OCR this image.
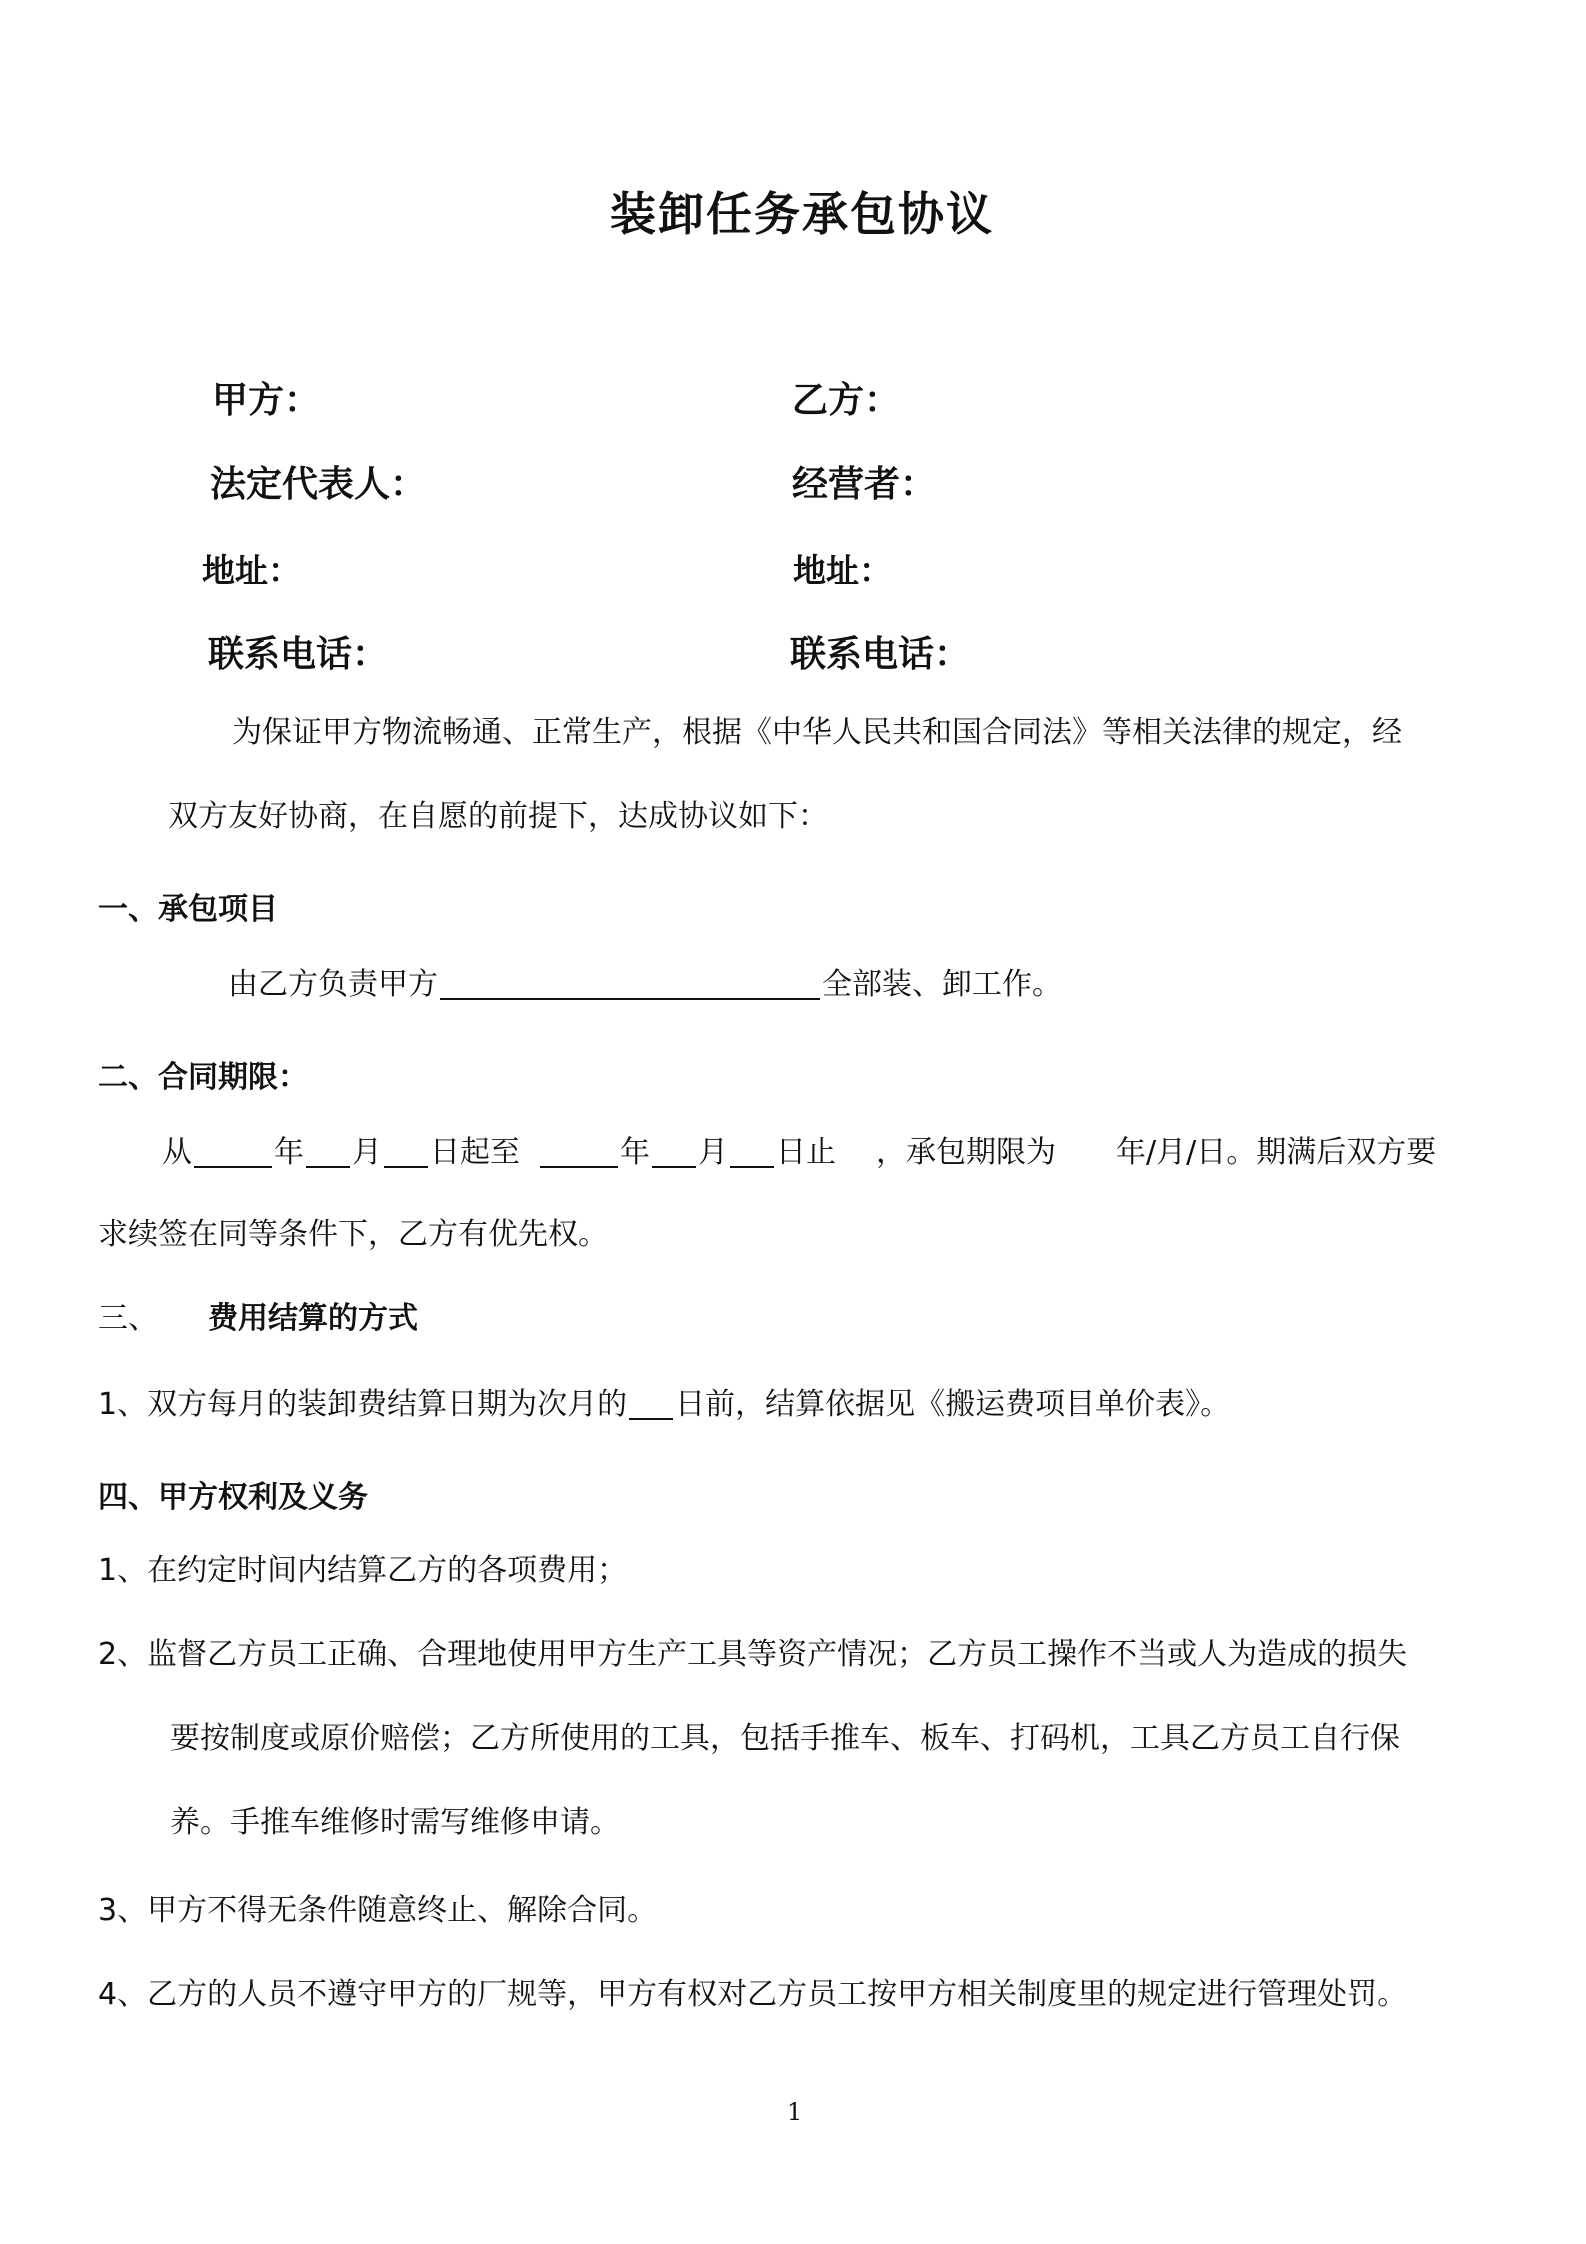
装卸任务承包协议
甲方：	乙方：
法定代表人：	经营者：
地址：	地址：
联系电话：	联系电话：
为保证甲方物流畅通、正常生产，根据《中华人民共和国合同法》等相关法律的规定，经
双方友好协商，在自愿的前提下，达成协议如下：
一、承包项目
由乙方负责甲方	全部装、卸工作。
二、合同期限：
从	年 月 日起至	年 月 日止 ，承包期限为 年/月/日。期满后双方要
求续签在同等条件下，乙方有优先权。
三、 费用结算的方式
1、双方每月的装卸费结算日期为次月的 日前，结算依据见《搬运费项目单价表》。
四、甲方权利及义务
1、在约定时间内结算乙方的各项费用；
2、监督乙方员工正确、合理地使用甲方生产工具等资产情况；乙方员工操作不当或人为造成的损失
要按制度或原价赔偿；乙方所使用的工具，包括手推车、板车、打码机，工具乙方员工自行保
养。手推车维修时需写维修申请。
3、甲方不得无条件随意终止、解除合同。
4、乙方的人员不遵守甲方的厂规等，甲方有权对乙方员工按甲方相关制度里的规定进行管理处罚。
1
